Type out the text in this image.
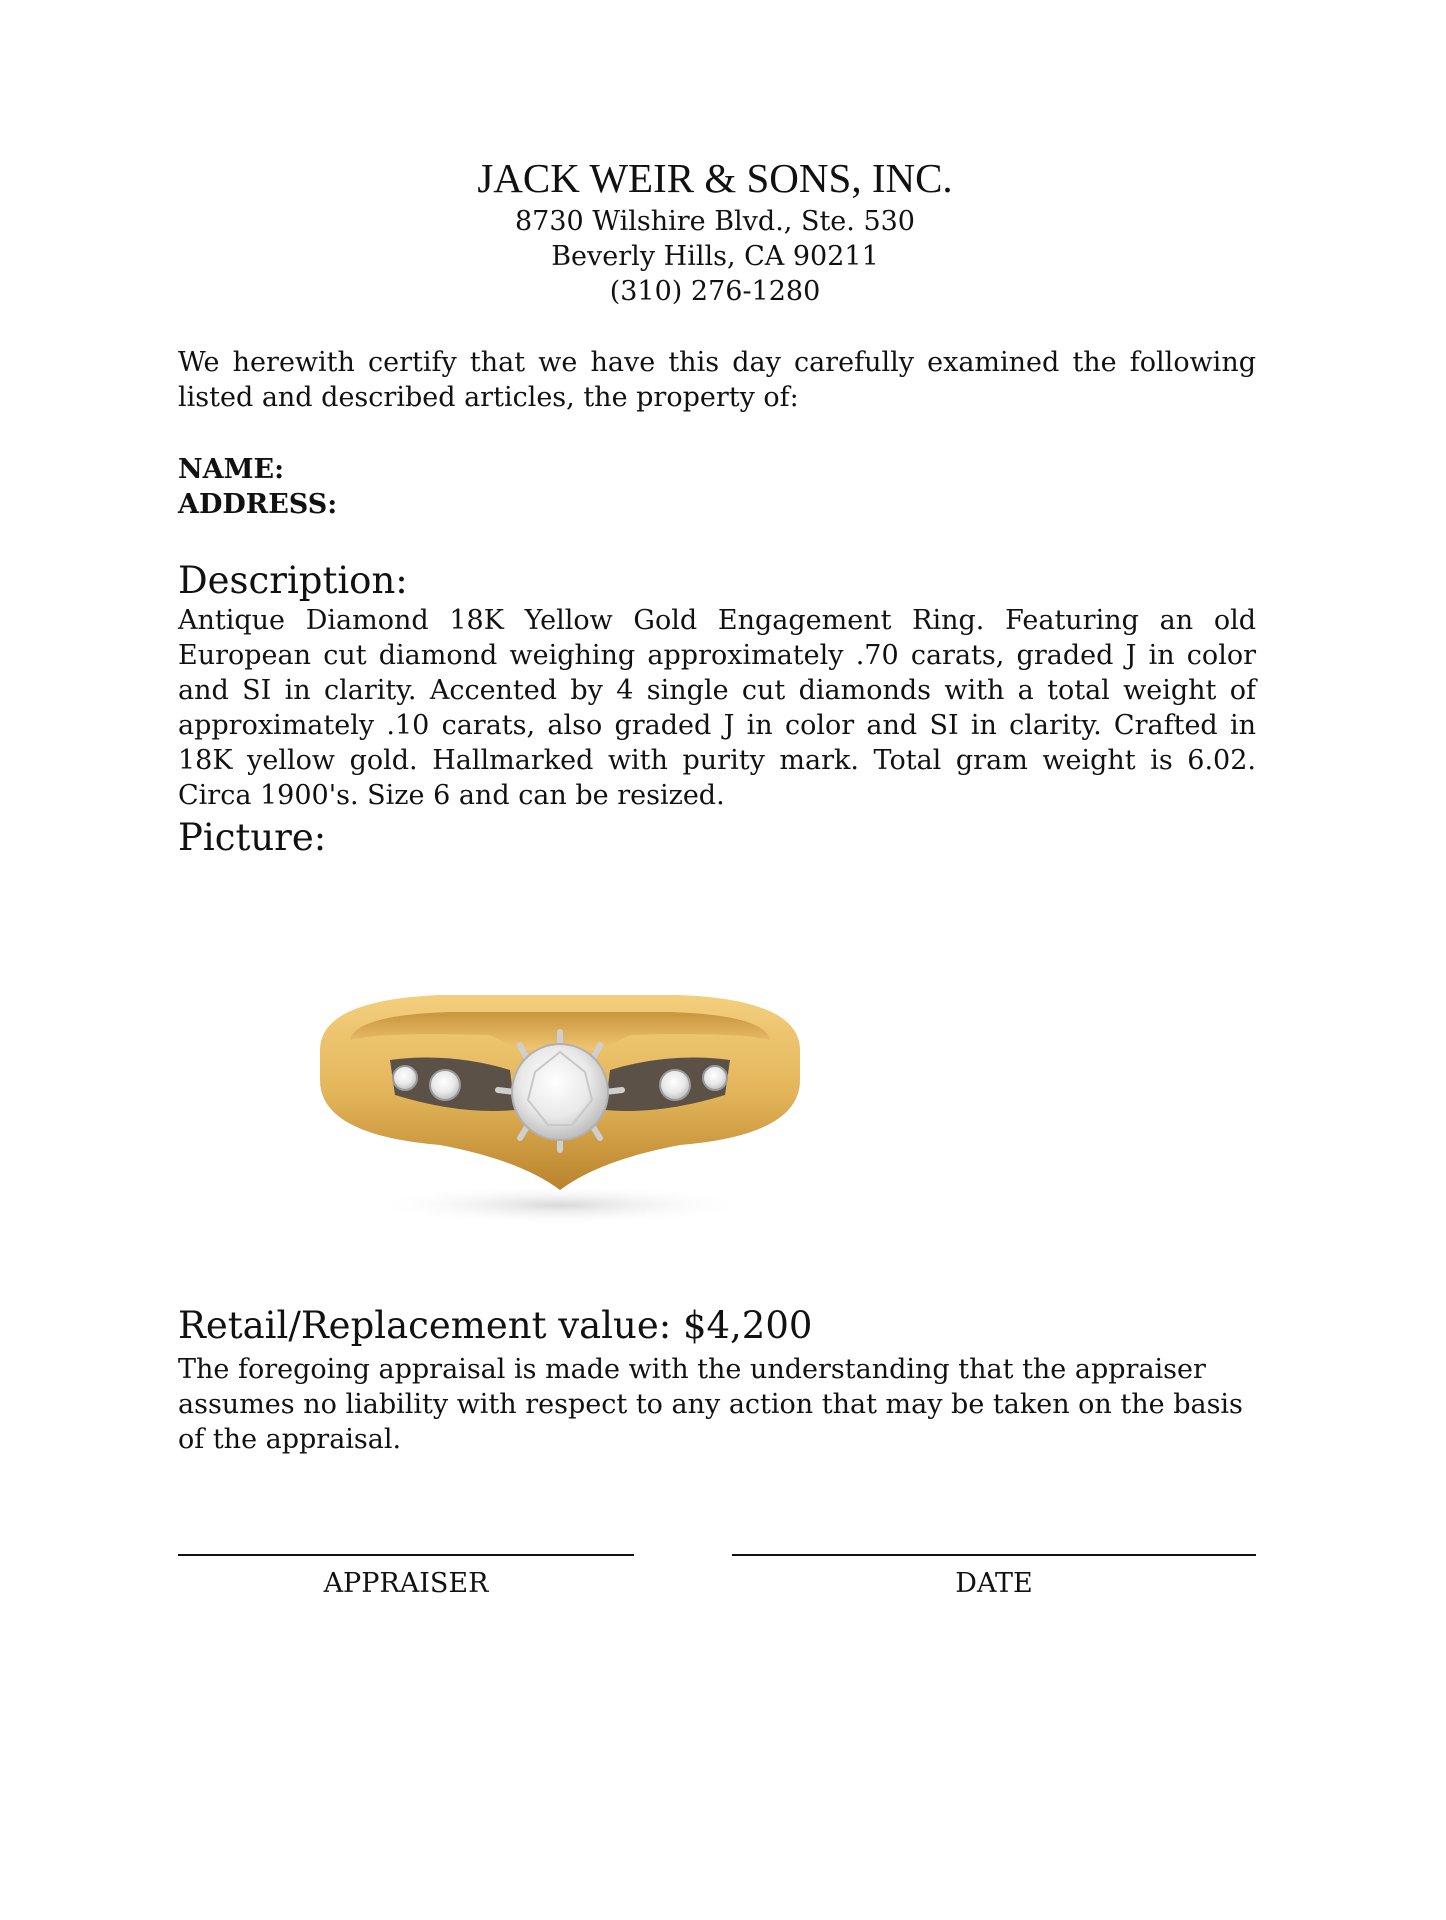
JACK WEIR & SONS, INC.
8730 Wilshire Blvd., Ste. 530
Beverly Hills, CA 90211
(310) 276-1280
We herewith certify that we have this day carefully examined the following listed and described articles, the property of:
NAME:
ADDRESS:
Description:
Antique Diamond 18K Yellow Gold Engagement Ring. Featuring an old European cut diamond weighing approximately .70 carats, graded J in color and SI in clarity. Accented by 4 single cut diamonds with a total weight of approximately .10 carats, also graded J in color and SI in clarity. Crafted in 18K yellow gold. Hallmarked with purity mark. Total gram weight is 6.02. Circa 1900's. Size 6 and can be resized.
Picture:
Retail/Replacement value: $4,200
The foregoing appraisal is made with the understanding that the appraiser assumes no liability with respect to any action that may be taken on the basis of the appraisal.
APPRAISER	DATE
